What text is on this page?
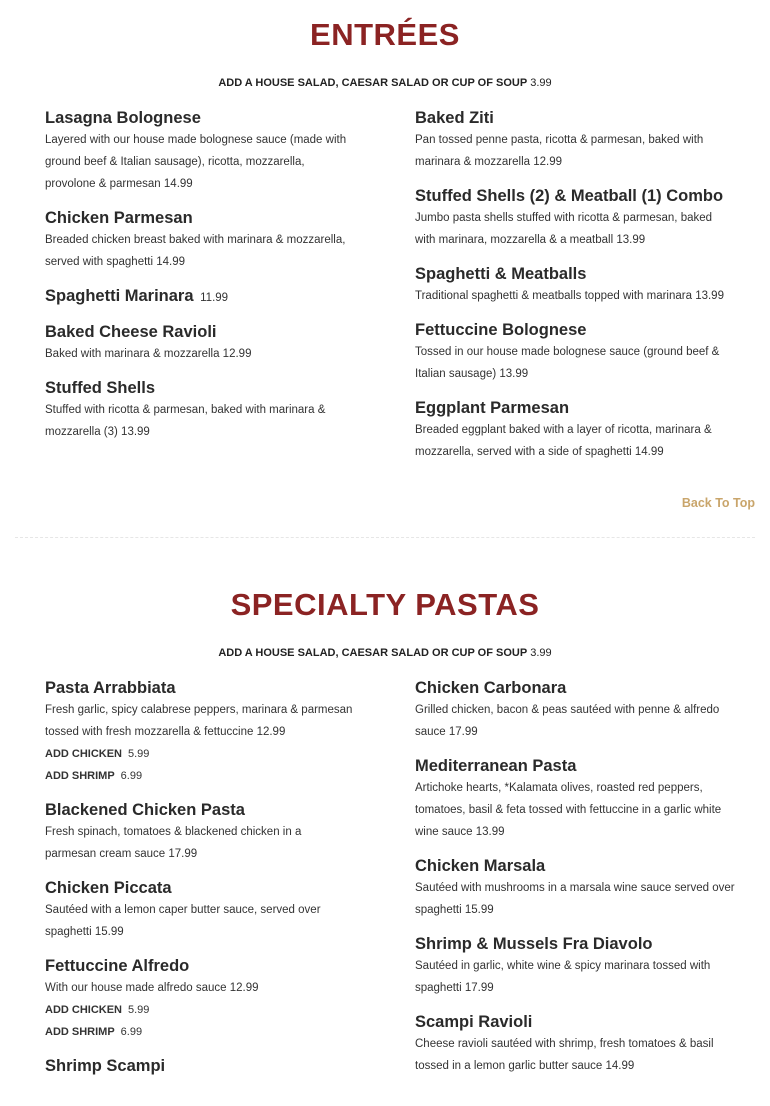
ENTRÉES
ADD A HOUSE SALAD, CAESAR SALAD OR CUP OF SOUP 3.99
Lasagna Bolognese
Layered with our house made bolognese sauce (made with ground beef & Italian sausage), ricotta, mozzarella, provolone & parmesan 14.99
Chicken Parmesan
Breaded chicken breast baked with marinara & mozzarella, served with spaghetti 14.99
Spaghetti Marinara 11.99
Baked Cheese Ravioli
Baked with marinara & mozzarella 12.99
Stuffed Shells
Stuffed with ricotta & parmesan, baked with marinara & mozzarella (3) 13.99
Baked Ziti
Pan tossed penne pasta, ricotta & parmesan, baked with marinara & mozzarella 12.99
Stuffed Shells (2) & Meatball (1) Combo
Jumbo pasta shells stuffed with ricotta & parmesan, baked with marinara, mozzarella & a meatball 13.99
Spaghetti & Meatballs
Traditional spaghetti & meatballs topped with marinara 13.99
Fettuccine Bolognese
Tossed in our house made bolognese sauce (ground beef & Italian sausage) 13.99
Eggplant Parmesan
Breaded eggplant baked with a layer of ricotta, marinara & mozzarella, served with a side of spaghetti 14.99
Back To Top
SPECIALTY PASTAS
ADD A HOUSE SALAD, CAESAR SALAD OR CUP OF SOUP 3.99
Pasta Arrabbiata
Fresh garlic, spicy calabrese peppers, marinara & parmesan tossed with fresh mozzarella & fettuccine 12.99
ADD CHICKEN 5.99
ADD SHRIMP 6.99
Blackened Chicken Pasta
Fresh spinach, tomatoes & blackened chicken in a parmesan cream sauce 17.99
Chicken Piccata
Sautéed with a lemon caper butter sauce, served over spaghetti 15.99
Fettuccine Alfredo
With our house made alfredo sauce 12.99
ADD CHICKEN 5.99
ADD SHRIMP 6.99
Shrimp Scampi
Chicken Carbonara
Grilled chicken, bacon & peas sautéed with penne & alfredo sauce 17.99
Mediterranean Pasta
Artichoke hearts, *Kalamata olives, roasted red peppers, tomatoes, basil & feta tossed with fettuccine in a garlic white wine sauce 13.99
Chicken Marsala
Sautéed with mushrooms in a marsala wine sauce served over spaghetti 15.99
Shrimp & Mussels Fra Diavolo
Sautéed in garlic, white wine & spicy marinara tossed with spaghetti 17.99
Scampi Ravioli
Cheese ravioli sautéed with shrimp, fresh tomatoes & basil tossed in a lemon garlic butter sauce 14.99
